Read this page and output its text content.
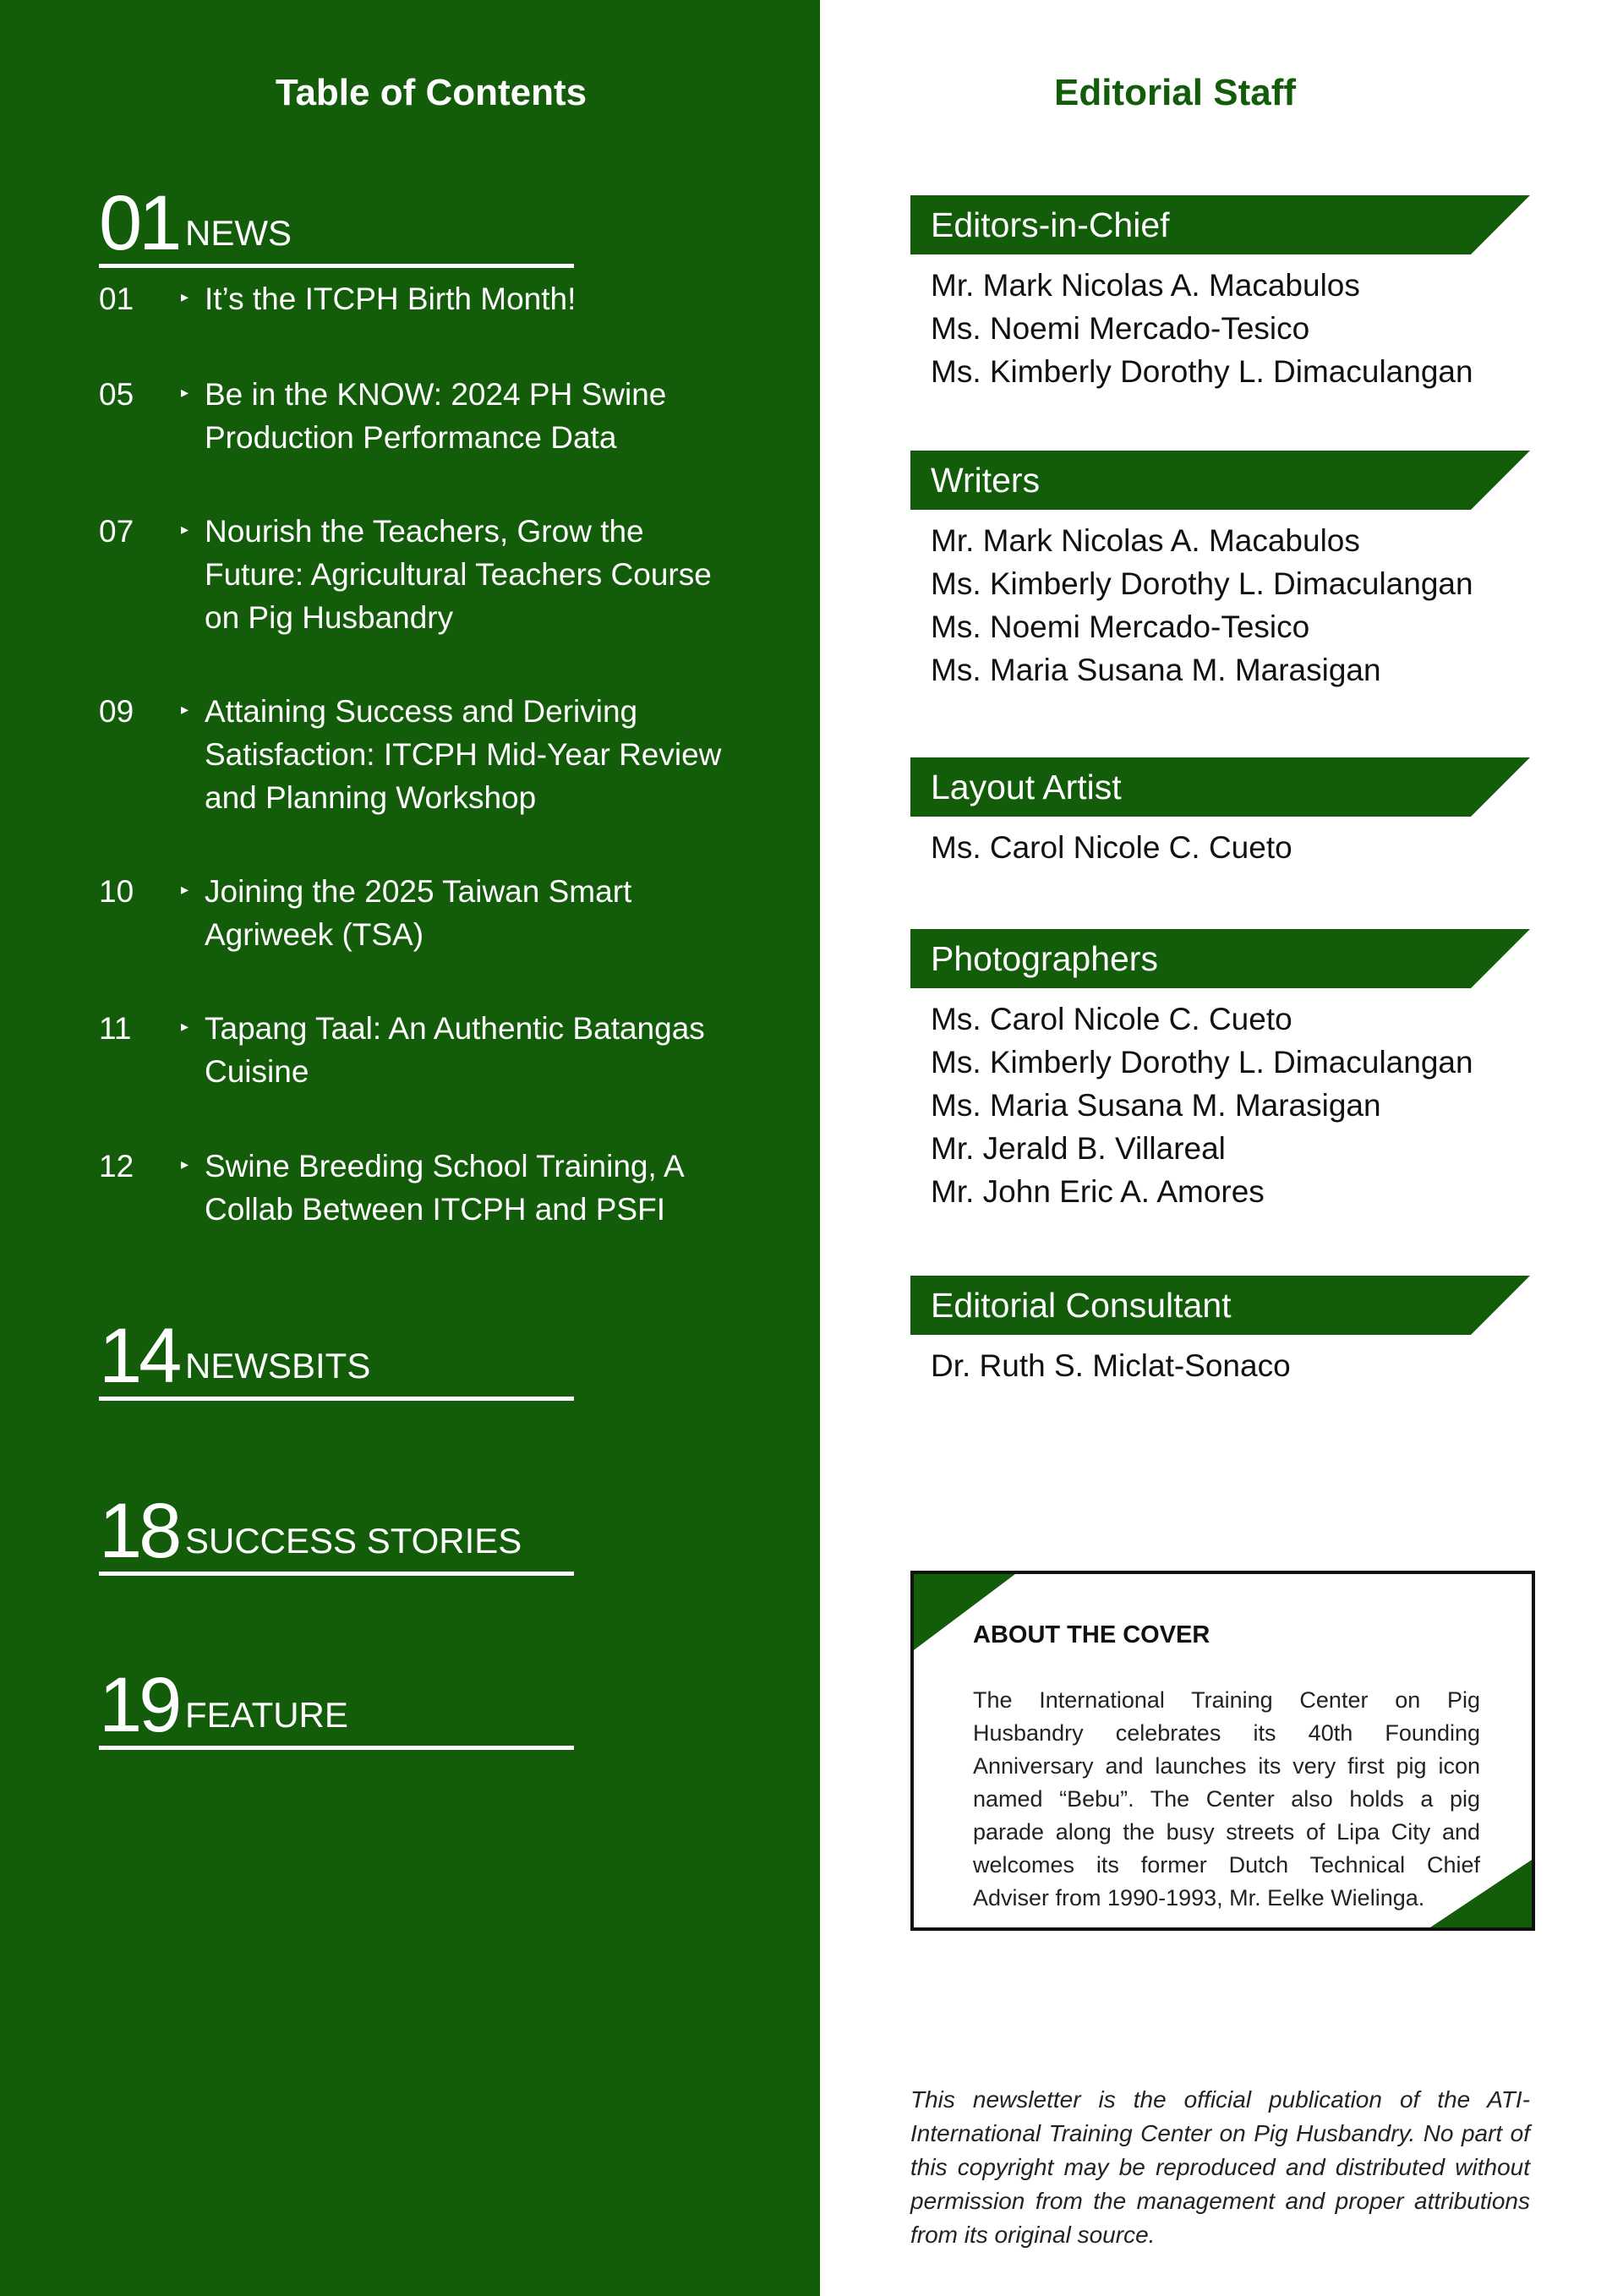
Table of Contents
01 NEWS
01	▸ It’s the ITCPH Birth Month!
05	▸ Be in the KNOW: 2024 PH Swine Production Performance Data
07	▸ Nourish the Teachers, Grow the Future: Agricultural Teachers Course on Pig Husbandry
09	▸ Attaining Success and Deriving Satisfaction: ITCPH Mid-Year Review and Planning Workshop
10	▸ Joining the 2025 Taiwan Smart Agriweek (TSA)
11	▸ Tapang Taal: An Authentic Batangas Cuisine
12	▸ Swine Breeding School Training, A Collab Between ITCPH and PSFI
14 NEWSBITS
18 SUCCESS STORIES
19 FEATURE
Editorial Staff
Editors-in-Chief
Mr. Mark Nicolas A. Macabulos
Ms. Noemi Mercado-Tesico
Ms. Kimberly Dorothy L. Dimaculangan
Writers
Mr. Mark Nicolas A. Macabulos
Ms. Kimberly Dorothy L. Dimaculangan
Ms. Noemi Mercado-Tesico
Ms. Maria Susana M. Marasigan
Layout Artist
Ms. Carol Nicole C. Cueto
Photographers
Ms. Carol Nicole C. Cueto
Ms. Kimberly Dorothy L. Dimaculangan
Ms. Maria Susana M. Marasigan
Mr. Jerald B. Villareal
Mr. John Eric A. Amores
Editorial Consultant
Dr. Ruth S. Miclat-Sonaco
ABOUT THE COVER
The International Training Center on Pig Husbandry celebrates its 40th Founding Anniversary and launches its very first pig icon named “Bebu”. The Center also holds a pig parade along the busy streets of Lipa City and welcomes its former Dutch Technical Chief Adviser from 1990-1993, Mr. Eelke Wielinga.
This newsletter is the official publication of the ATI-International Training Center on Pig Husbandry. No part of this copyright may be reproduced and distributed without permission from the management and proper attributions from its original source.
